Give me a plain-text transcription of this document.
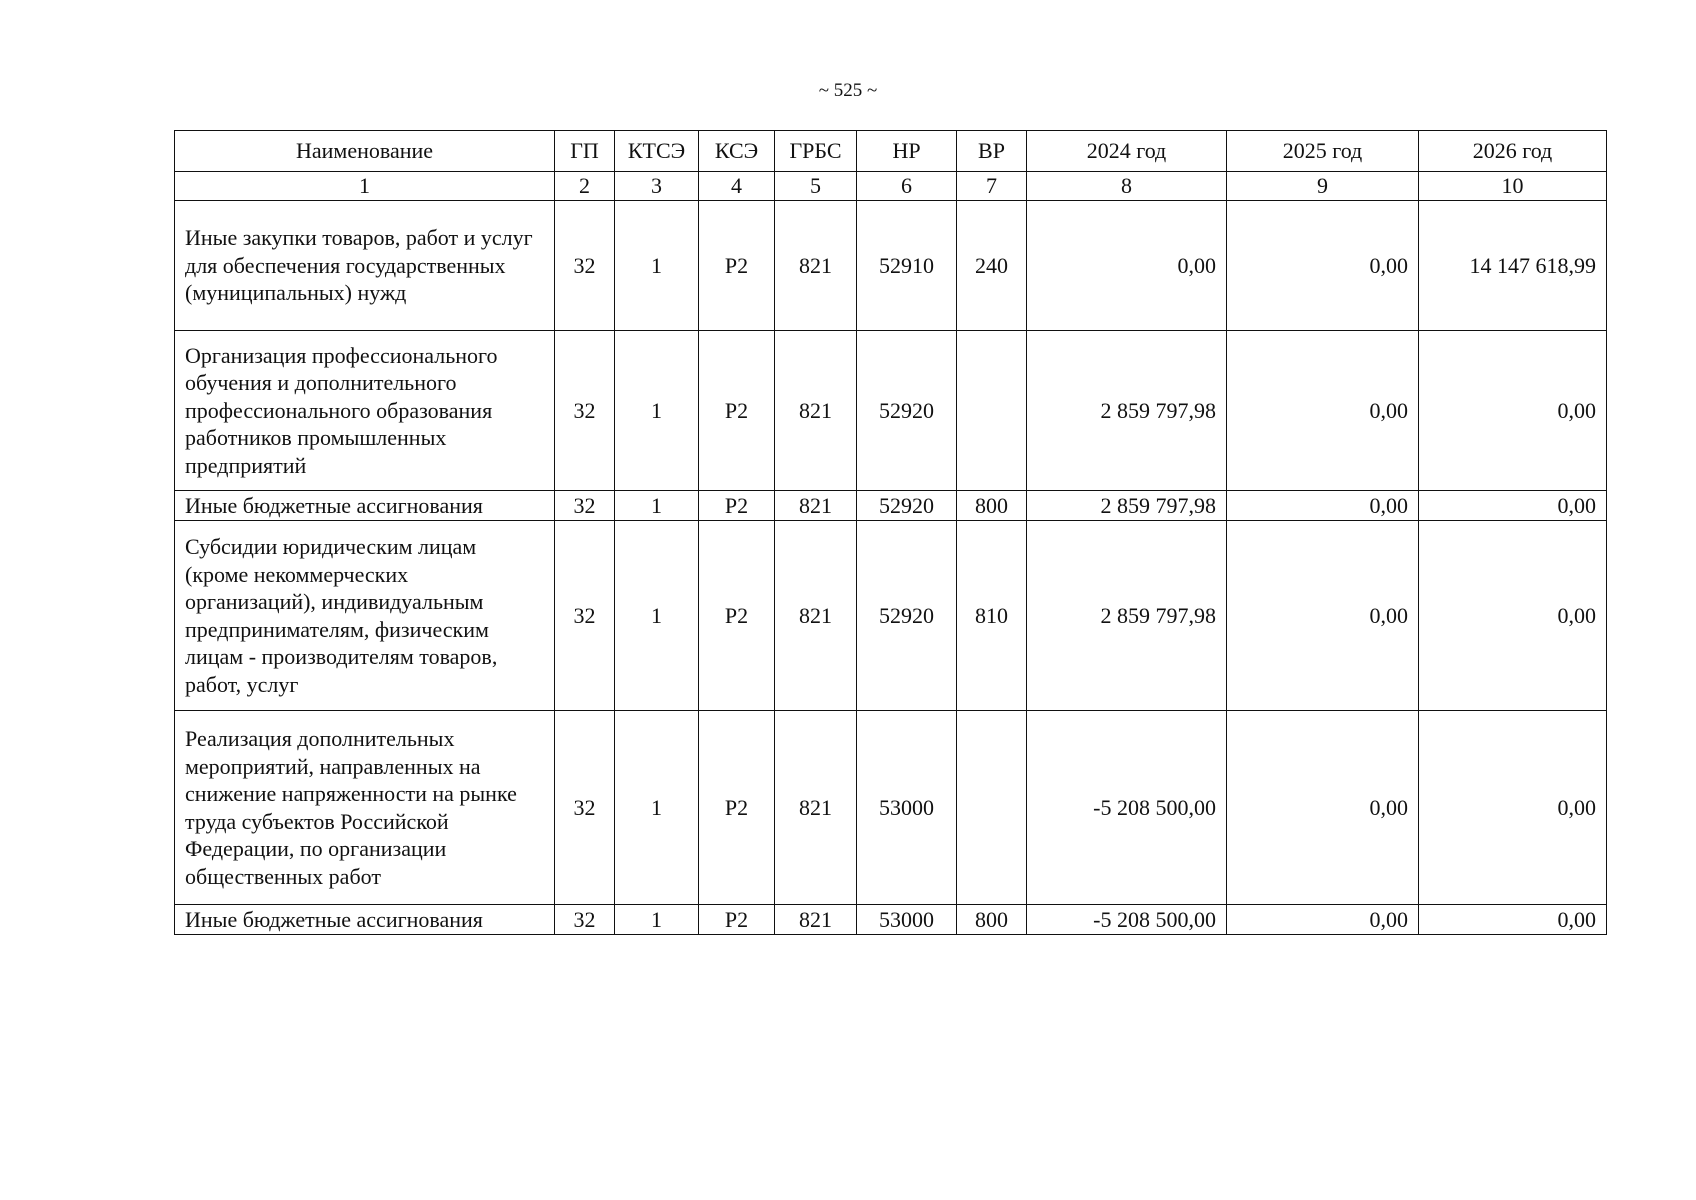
~ 525 ~
Наименование	ГП	КТСЭ	КСЭ	ГРБС	НР	ВР	2024 год	2025 год	2026 год
1	2	3	4	5	6	7	8	9	10
Иные закупки товаров, работ и услуг для обеспечения государственных (муниципальных) нужд	32	1	Р2	821	52910	240	0,00	0,00	14 147 618,99
Организация профессионального обучения и дополнительного профессионального образования работников промышленных предприятий	32	1	Р2	821	52920		2 859 797,98	0,00	0,00
Иные бюджетные ассигнования	32	1	Р2	821	52920	800	2 859 797,98	0,00	0,00
Субсидии юридическим лицам (кроме некоммерческих организаций), индивидуальным предпринимателям, физическим лицам - производителям товаров, работ, услуг	32	1	Р2	821	52920	810	2 859 797,98	0,00	0,00
Реализация дополнительных мероприятий, направленных на снижение напряженности на рынке труда субъектов Российской Федерации, по организации общественных работ	32	1	Р2	821	53000		-5 208 500,00	0,00	0,00
Иные бюджетные ассигнования	32	1	Р2	821	53000	800	-5 208 500,00	0,00	0,00
